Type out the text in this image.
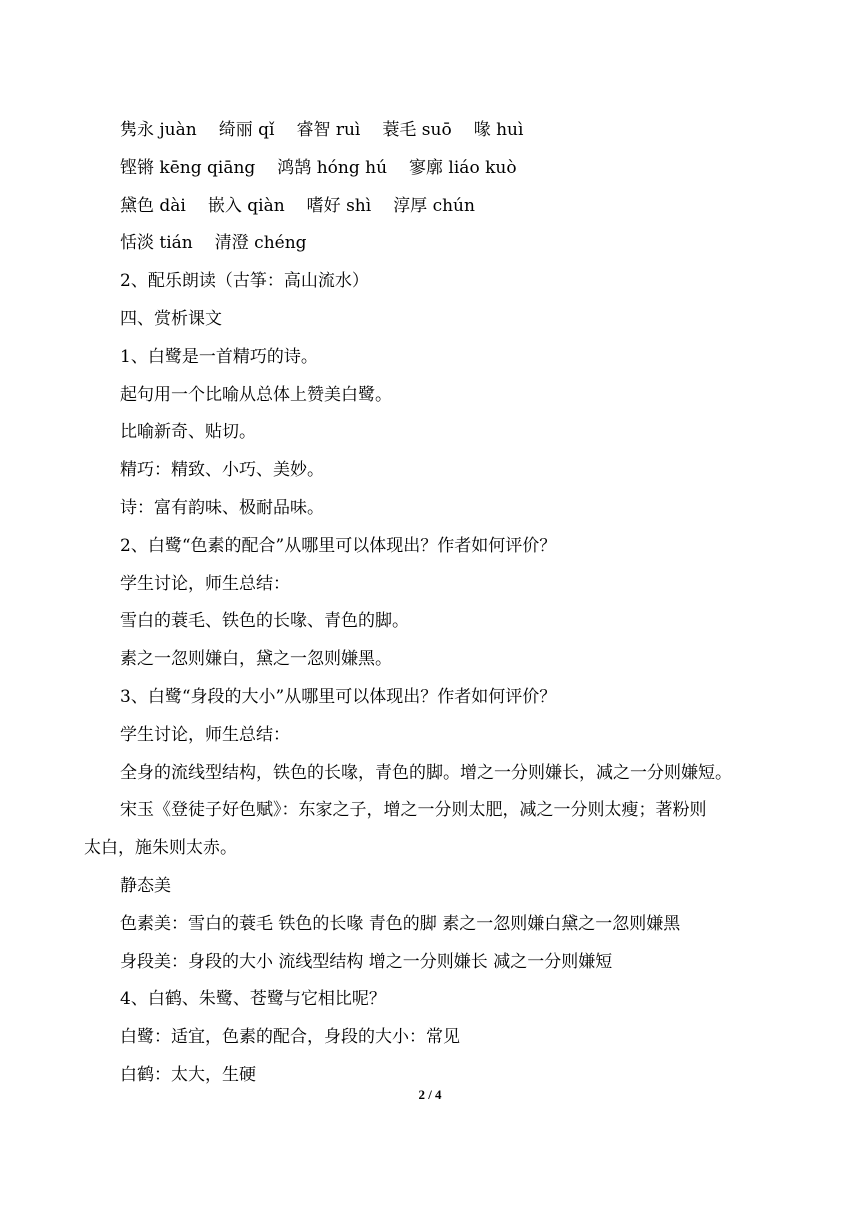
隽永 juàn 绮丽 qǐ 睿智 ruì 蓑毛 suō 喙 huì
铿锵 kēng qiāng 鸿鹄 hóng hú 寥廓 liáo kuò
黛色 dài 嵌入 qiàn 嗜好 shì 淳厚 chún
恬淡 tián 清澄 chéng
2、配乐朗读（古筝：高山流水）
四、赏析课文
1、白鹭是一首精巧的诗。
起句用一个比喻从总体上赞美白鹭。
比喻新奇、贴切。
精巧：精致、小巧、美妙。
诗：富有韵味、极耐品味。
2、白鹭“色素的配合”从哪里可以体现出？作者如何评价？
学生讨论，师生总结：
雪白的蓑毛、铁色的长喙、青色的脚。
素之一忽则嫌白，黛之一忽则嫌黑。
3、白鹭“身段的大小”从哪里可以体现出？作者如何评价？
学生讨论，师生总结：
全身的流线型结构，铁色的长喙，青色的脚。增之一分则嫌长，减之一分则嫌短。
宋玉《登徒子好色赋》：东家之子，增之一分则太肥，减之一分则太瘦；著粉则
太白，施朱则太赤。
静态美
色素美：雪白的蓑毛 铁色的长喙 青色的脚 素之一忽则嫌白黛之一忽则嫌黑
身段美：身段的大小 流线型结构 增之一分则嫌长 减之一分则嫌短
4、白鹤、朱鹭、苍鹭与它相比呢？
白鹭：适宜，色素的配合，身段的大小：常见
白鹤：太大，生硬
2 / 4
